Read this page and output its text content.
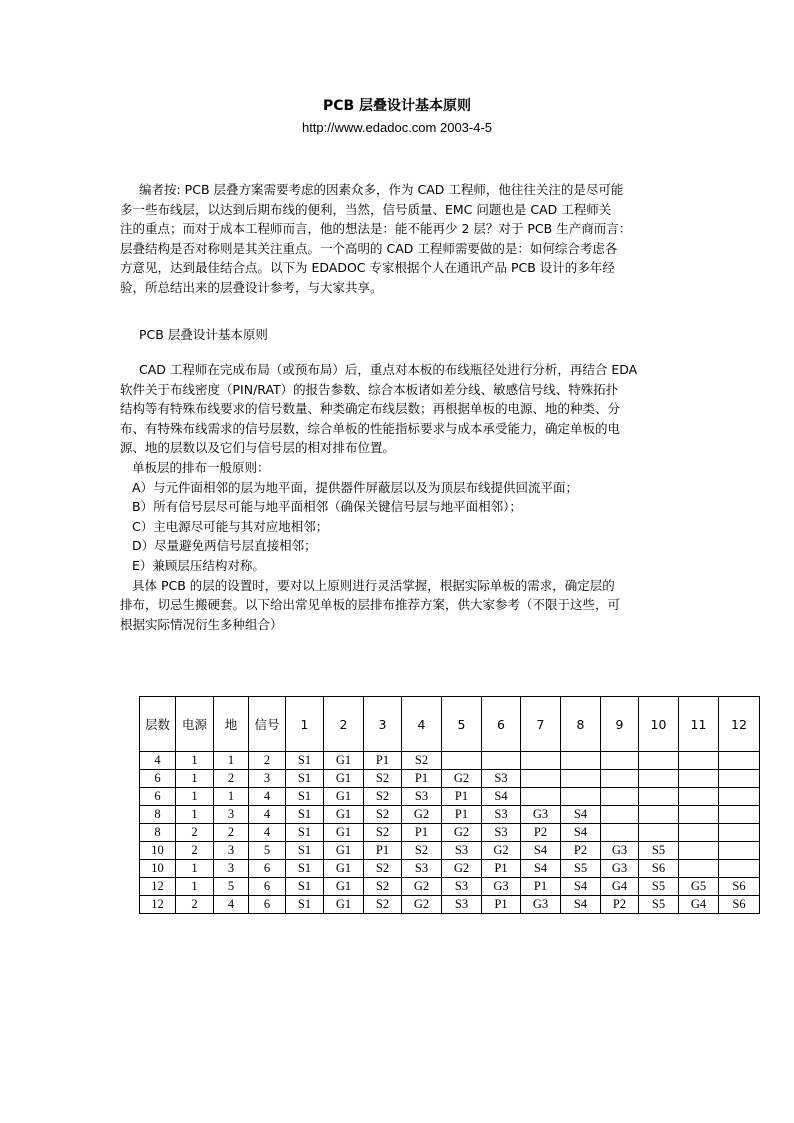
PCB 层叠设计基本原则
http://www.edadoc.com 2003-4-5
编者按: PCB 层叠方案需要考虑的因素众多，作为 CAD 工程师，他往往关注的是尽可能
多一些布线层，以达到后期布线的便利，当然，信号质量、EMC 问题也是 CAD 工程师关
注的重点；而对于成本工程师而言，他的想法是：能不能再少 2 层？对于 PCB 生产商而言：
层叠结构是否对称则是其关注重点。一个高明的 CAD 工程师需要做的是：如何综合考虑各
方意见，达到最佳结合点。以下为 EDADOC 专家根据个人在通讯产品 PCB 设计的多年经
验，所总结出来的层叠设计参考，与大家共享。
PCB 层叠设计基本原则
CAD 工程师在完成布局（或预布局）后，重点对本板的布线瓶径处进行分析，再结合 EDA
软件关于布线密度（PIN/RAT）的报告参数、综合本板诸如差分线、敏感信号线、特殊拓扑
结构等有特殊布线要求的信号数量、种类确定布线层数；再根据单板的电源、地的种类、分
布、有特殊布线需求的信号层数，综合单板的性能指标要求与成本承受能力，确定单板的电
源、地的层数以及它们与信号层的相对排布位置。
单板层的排布一般原则：
A）与元件面相邻的层为地平面，提供器件屏蔽层以及为顶层布线提供回流平面；
B）所有信号层尽可能与地平面相邻（确保关键信号层与地平面相邻）；
C）主电源尽可能与其对应地相邻；
D）尽量避免两信号层直接相邻；
E）兼顾层压结构对称。
具体 PCB 的层的设置时，要对以上原则进行灵活掌握，根据实际单板的需求，确定层的
排布，切忌生搬硬套。以下给出常见单板的层排布推荐方案，供大家参考（不限于这些，可
根据实际情况衍生多种组合）
层数	电源	地	信号	1	2	3	4	5	6	7	8	9	10	11	12
4	1	1	2	S1	G1	P1	S2								
6	1	2	3	S1	G1	S2	P1	G2	S3						
6	1	1	4	S1	G1	S2	S3	P1	S4						
8	1	3	4	S1	G1	S2	G2	P1	S3	G3	S4				
8	2	2	4	S1	G1	S2	P1	G2	S3	P2	S4				
10	2	3	5	S1	G1	P1	S2	S3	G2	S4	P2	G3	S5		
10	1	3	6	S1	G1	S2	S3	G2	P1	S4	S5	G3	S6		
12	1	5	6	S1	G1	S2	G2	S3	G3	P1	S4	G4	S5	G5	S6
12	2	4	6	S1	G1	S2	G2	S3	P1	G3	S4	P2	S5	G4	S6
